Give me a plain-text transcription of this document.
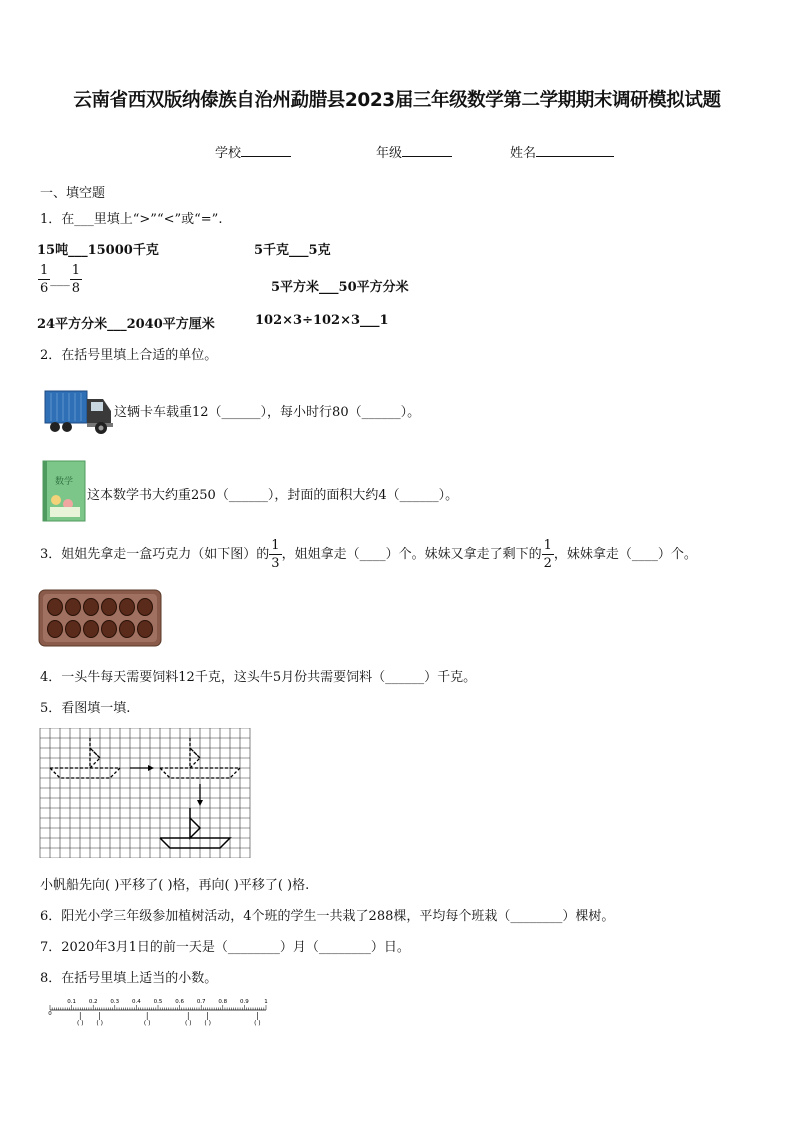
云南省西双版纳傣族自治州勐腊县2023届三年级数学第二学期期末调研模拟试题
学校	年级	姓名
一、填空题
1．在___里填上“>”“<”或“=”.
15吨___15000千克	5千克___5克
$\frac{1}{6}$ ___ $\frac{1}{8}$	5平方米___50平方分米
24平方分米___2040平方厘米	102×3÷102×3___1
2．在括号里填上合适的单位。
这辆卡车载重12（______），每小时行80（______）。
数学
这本数学书大约重250（______），封面的面积大约4（______）。
3．姐姐先拿走一盒巧克力（如下图）的 $\frac{1}{3}$ ，姐姐拿走（____）个。妹妹又拿走了剩下的 $\frac{1}{2}$ ，妹妹拿走（____）个。
4．一头牛每天需要饲料12千克，这头牛5月份共需要饲料（______）千克。
5．看图填一填.
小帆船先向( )平移了( )格，再向( )平移了( )格.
6．阳光小学三年级参加植树活动，4个班的学生一共栽了288棵，平均每个班栽（________）棵树。
7．2020年3月1日的前一天是（________）月（________）日。
8．在括号里填上适当的小数。
0
0.1 0.2 0.3 0.4 0.5 0.6 0.7 0.8 0.9	1
( ) ( )	( )	( ) ( )	( )
